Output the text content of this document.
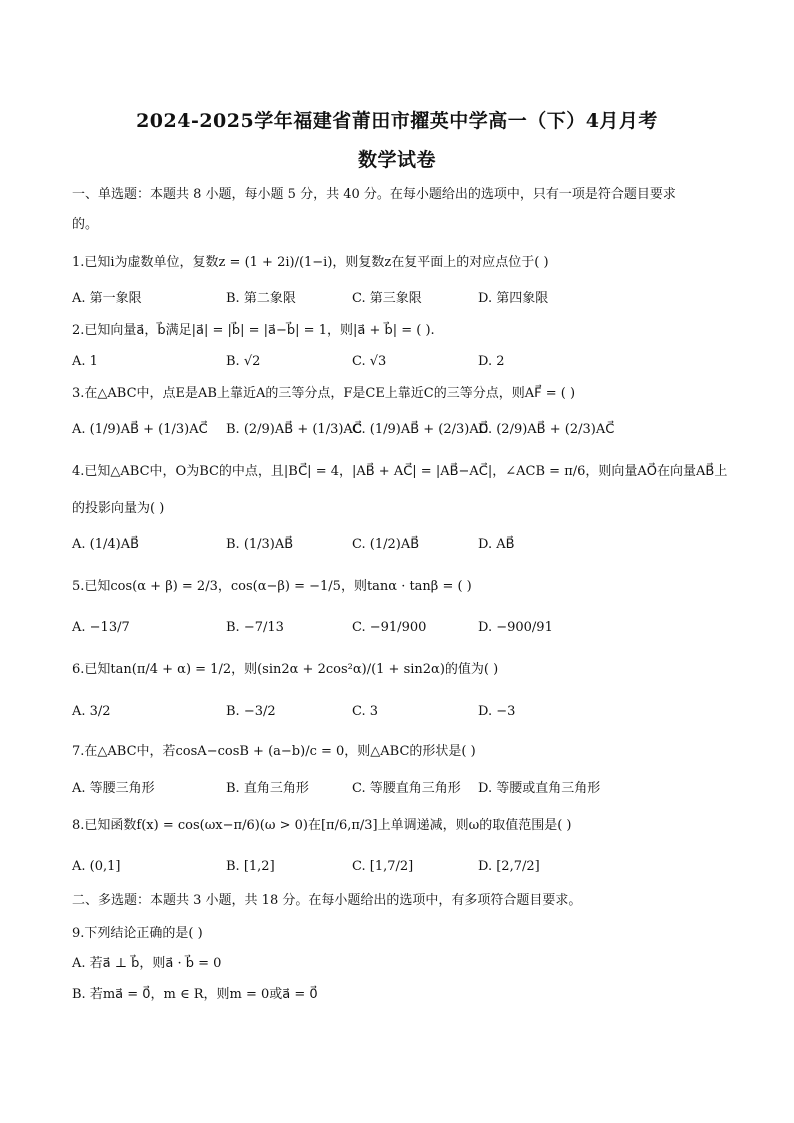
2024-2025学年福建省莆田市擢英中学高一（下）4月月考
数学试卷
一、单选题：本题共 8 小题，每小题 5 分，共 40 分。在每小题给出的选项中，只有一项是符合题目要求
的。
1.已知i为虚数单位，复数z = (1 + 2i)/(1−i)，则复数z在复平面上的对应点位于( )
A. 第一象限	B. 第二象限	C. 第三象限	D. 第四象限
2.已知向量a⃗，b⃗满足|a⃗| = |b⃗| = |a⃗−b⃗| = 1，则|a⃗ + b⃗| = ( ).
A. 1	B. √2	C. √3	D. 2
3.在△ABC中，点E是AB上靠近A的三等分点，F是CE上靠近C的三等分点，则AF⃗ = ( )
A. (1/9)AB⃗ + (1/3)AC⃗ B. (2/9)AB⃗ + (1/3)AC⃗
C. (1/9)AB⃗ + (2/3)AC⃗
D. (2/9)AB⃗ + (2/3)AC⃗
4.已知△ABC中，O为BC的中点，且|BC⃗| = 4，|AB⃗ + AC⃗| = |AB⃗−AC⃗|，∠ACB = π/6，则向量AO⃗在向量AB⃗上
的投影向量为( )
A. (1/4)AB⃗	B. (1/3)AB⃗	C. (1/2)AB⃗	D. AB⃗
5.已知cos(α + β) = 2/3，cos(α−β) = −1/5，则tanα · tanβ = ( )
A. −13/7	B. −7/13	C. −91/900	D. −900/91
6.已知tan(π/4 + α) = 1/2，则(sin2α + 2cos²α)/(1 + sin2α)的值为( )
A. 3/2	B. −3/2	C. 3	D. −3
7.在△ABC中，若cosA−cosB + (a−b)/c = 0，则△ABC的形状是( )
A. 等腰三角形	B. 直角三角形	C. 等腰直角三角形 D. 等腰或直角三角形
8.已知函数f(x) = cos(ωx−π/6)(ω > 0)在[π/6,π/3]上单调递减，则ω的取值范围是( )
A. (0,1]	B. [1,2]	C. [1,7/2]	D. [2,7/2]
二、多选题：本题共 3 小题，共 18 分。在每小题给出的选项中，有多项符合题目要求。
9.下列结论正确的是( )
A. 若a⃗ ⊥ b⃗，则a⃗ · b⃗ = 0
B. 若ma⃗ = 0⃗，m ∈ R，则m = 0或a⃗ = 0⃗
